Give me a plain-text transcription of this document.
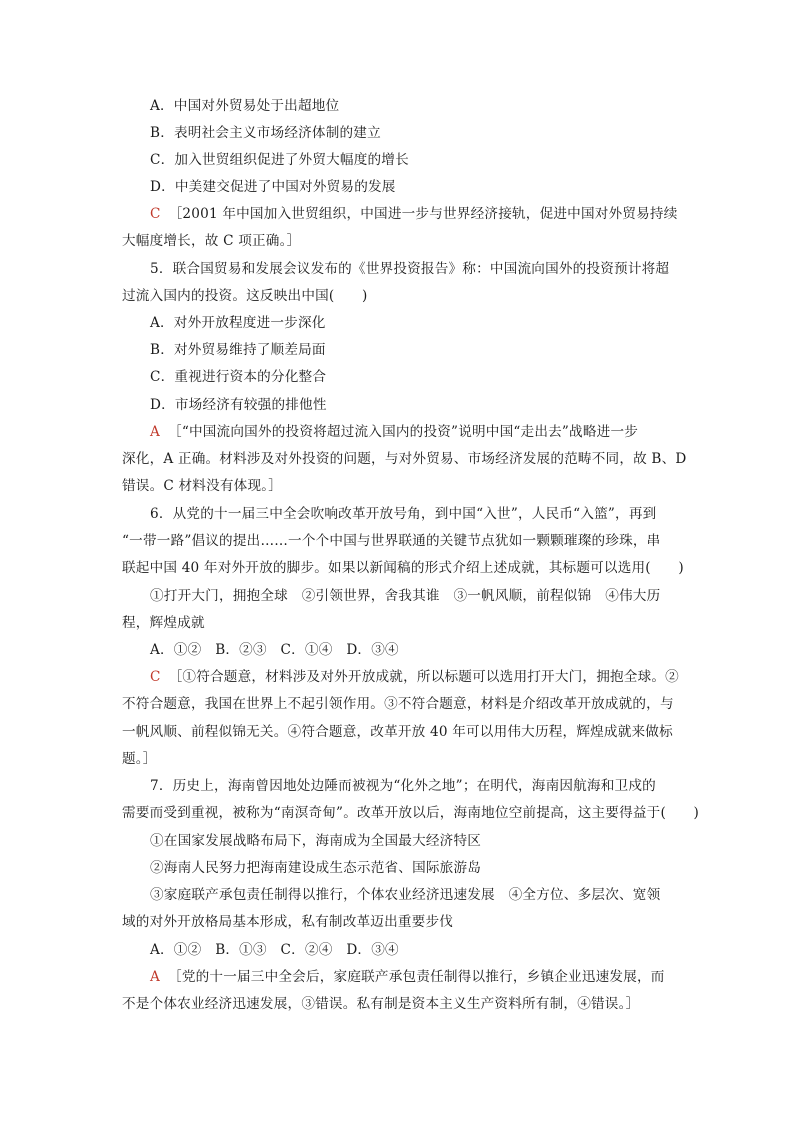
A．中国对外贸易处于出超地位
B．表明社会主义市场经济体制的建立
C．加入世贸组织促进了外贸大幅度的增长
D．中美建交促进了中国对外贸易的发展
C ［2001 年中国加入世贸组织，中国进一步与世界经济接轨，促进中国对外贸易持续
大幅度增长，故 C 项正确。］
5．联合国贸易和发展会议发布的《世界投资报告》称：中国流向国外的投资预计将超
过流入国内的投资。这反映出中国(　　)
A．对外开放程度进一步深化
B．对外贸易维持了顺差局面
C．重视进行资本的分化整合
D．市场经济有较强的排他性
A ［“中国流向国外的投资将超过流入国内的投资”说明中国“走出去”战略进一步
深化，A 正确。材料涉及对外投资的问题，与对外贸易、市场经济发展的范畴不同，故 B、D
错误。C 材料没有体现。］
6．从党的十一届三中全会吹响改革开放号角，到中国“入世”，人民币“入篮”，再到
“一带一路”倡议的提出……一个个中国与世界联通的关键节点犹如一颗颗璀璨的珍珠，串
联起中国 40 年对外开放的脚步。如果以新闻稿的形式介绍上述成就，其标题可以选用(　　)
①打开大门，拥抱全球　②引领世界，舍我其谁　③一帆风顺，前程似锦　④伟大历
程，辉煌成就
A．①②　B．②③　C．①④　D．③④
C ［①符合题意，材料涉及对外开放成就，所以标题可以选用打开大门，拥抱全球。②
不符合题意，我国在世界上不起引领作用。③不符合题意，材料是介绍改革开放成就的，与
一帆风顺、前程似锦无关。④符合题意，改革开放 40 年可以用伟大历程，辉煌成就来做标
题。］
7．历史上，海南曾因地处边陲而被视为“化外之地”；在明代，海南因航海和卫戍的
需要而受到重视，被称为“南溟奇甸”。改革开放以后，海南地位空前提高，这主要得益于(　　)
①在国家发展战略布局下，海南成为全国最大经济特区
②海南人民努力把海南建设成生态示范省、国际旅游岛
③家庭联产承包责任制得以推行，个体农业经济迅速发展　④全方位、多层次、宽领
域的对外开放格局基本形成，私有制改革迈出重要步伐
A．①②　B．①③　C．②④　D．③④
A ［党的十一届三中全会后，家庭联产承包责任制得以推行，乡镇企业迅速发展，而
不是个体农业经济迅速发展，③错误。私有制是资本主义生产资料所有制，④错误。］
